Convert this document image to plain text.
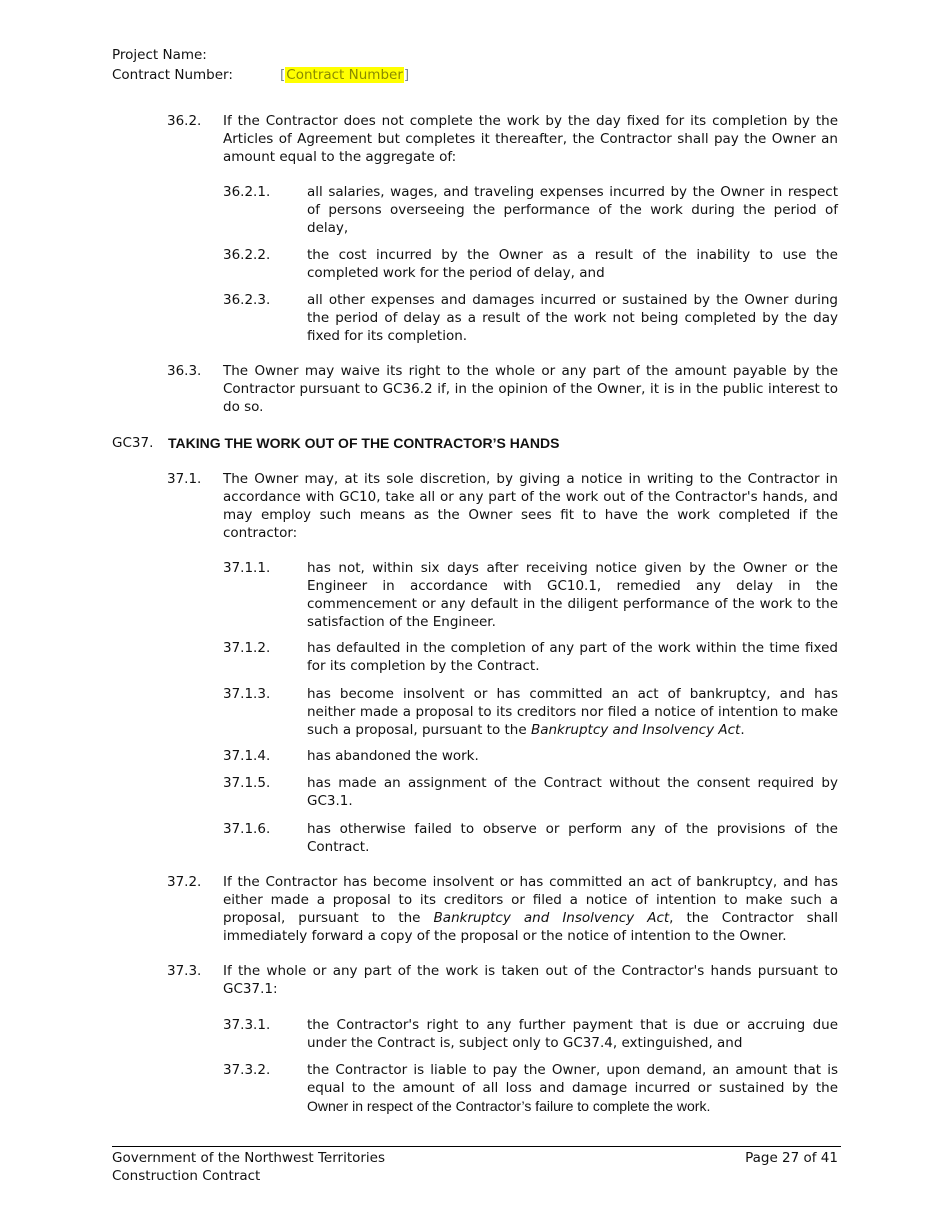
Project Name:
Contract Number:	[Contract Number]
36.2. If the Contractor does not complete the work by the day fixed for its completion by the Articles of Agreement but completes it thereafter, the Contractor shall pay the Owner an amount equal to the aggregate of:
36.2.1.	all salaries, wages, and traveling expenses incurred by the Owner in respect of persons overseeing the performance of the work during the period of delay,
36.2.2.	the cost incurred by the Owner as a result of the inability to use the completed work for the period of delay, and
36.2.3.	all other expenses and damages incurred or sustained by the Owner during the period of delay as a result of the work not being completed by the day fixed for its completion.
36.3. The Owner may waive its right to the whole or any part of the amount payable by the Contractor pursuant to GC36.2 if, in the opinion of the Owner, it is in the public interest to do so.
GC37. TAKING THE WORK OUT OF THE CONTRACTOR’S HANDS
37.1. The Owner may, at its sole discretion, by giving a notice in writing to the Contractor in accordance with GC10, take all or any part of the work out of the Contractor's hands, and may employ such means as the Owner sees fit to have the work completed if the contractor:
37.1.1.	has not, within six days after receiving notice given by the Owner or the Engineer in accordance with GC10.1, remedied any delay in the commencement or any default in the diligent performance of the work to the satisfaction of the Engineer.
37.1.2.	has defaulted in the completion of any part of the work within the time fixed for its completion by the Contract.
37.1.3.	has become insolvent or has committed an act of bankruptcy, and has neither made a proposal to its creditors nor filed a notice of intention to make such a proposal, pursuant to the Bankruptcy and Insolvency Act.
37.1.4.	has abandoned the work.
37.1.5.	has made an assignment of the Contract without the consent required by GC3.1.
37.1.6.	has otherwise failed to observe or perform any of the provisions of the Contract.
37.2. If the Contractor has become insolvent or has committed an act of bankruptcy, and has either made a proposal to its creditors or filed a notice of intention to make such a proposal, pursuant to the Bankruptcy and Insolvency Act, the Contractor shall immediately forward a copy of the proposal or the notice of intention to the Owner.
37.3. If the whole or any part of the work is taken out of the Contractor's hands pursuant to GC37.1:
37.3.1.	the Contractor's right to any further payment that is due or accruing due under the Contract is, subject only to GC37.4, extinguished, and
37.3.2.	the Contractor is liable to pay the Owner, upon demand, an amount that is equal to the amount of all loss and damage incurred or sustained by the Owner in respect of the Contractor’s failure to complete the work.
Government of the Northwest Territories
Construction Contract
Page 27 of 41
